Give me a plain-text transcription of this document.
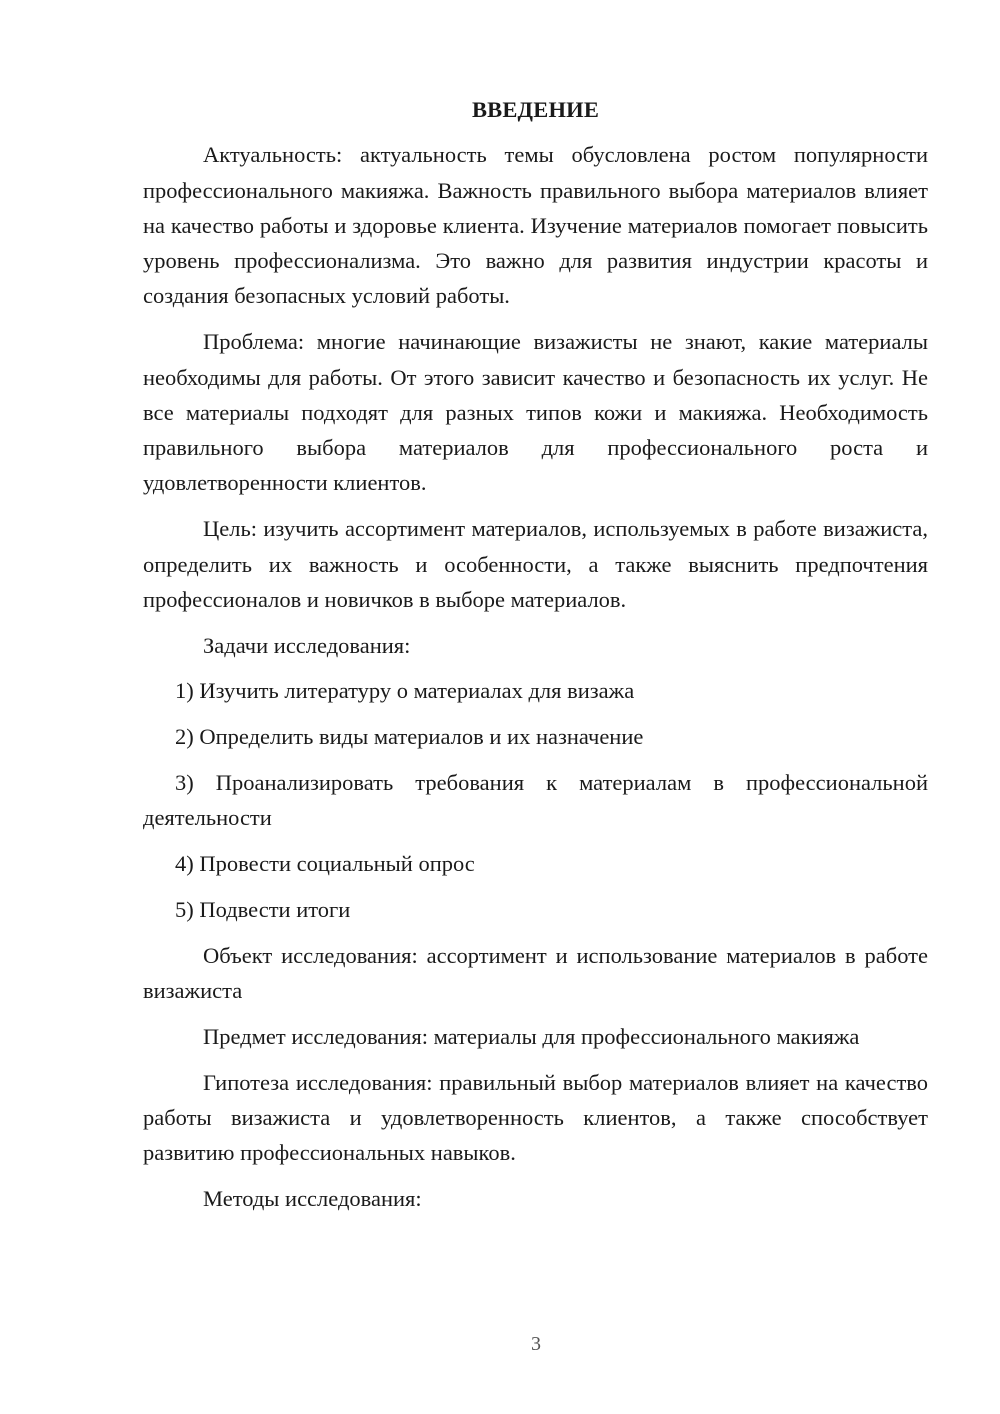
ВВЕДЕНИЕ

Актуальность: актуальность темы обусловлена ростом популярности профессионального макияжа. Важность правильного выбора материалов влияет на качество работы и здоровье клиента. Изучение материалов помогает повысить уровень профессионализма. Это важно для развития индустрии красоты и создания безопасных условий работы.

Проблема: многие начинающие визажисты не знают, какие материалы необходимы для работы. От этого зависит качество и безопасность их услуг. Не все материалы подходят для разных типов кожи и макияжа. Необходимость правильного выбора материалов для профессионального роста и удовлетворенности клиентов.

Цель: изучить ассортимент материалов, используемых в работе визажиста, определить их важность и особенности, а также выяснить предпочтения профессионалов и новичков в выборе материалов.

Задачи исследования:

1) Изучить литературу о материалах для визажа

2) Определить виды материалов и их назначение

3) Проанализировать требования к материалам в профессиональной деятельности

4) Провести социальный опрос

5) Подвести итоги

Объект исследования: ассортимент и использование материалов в работе визажиста

Предмет исследования: материалы для профессионального макияжа

Гипотеза исследования: правильный выбор материалов влияет на качество работы визажиста и удовлетворенность клиентов, а также способствует развитию профессиональных навыков.

Методы исследования:

3
